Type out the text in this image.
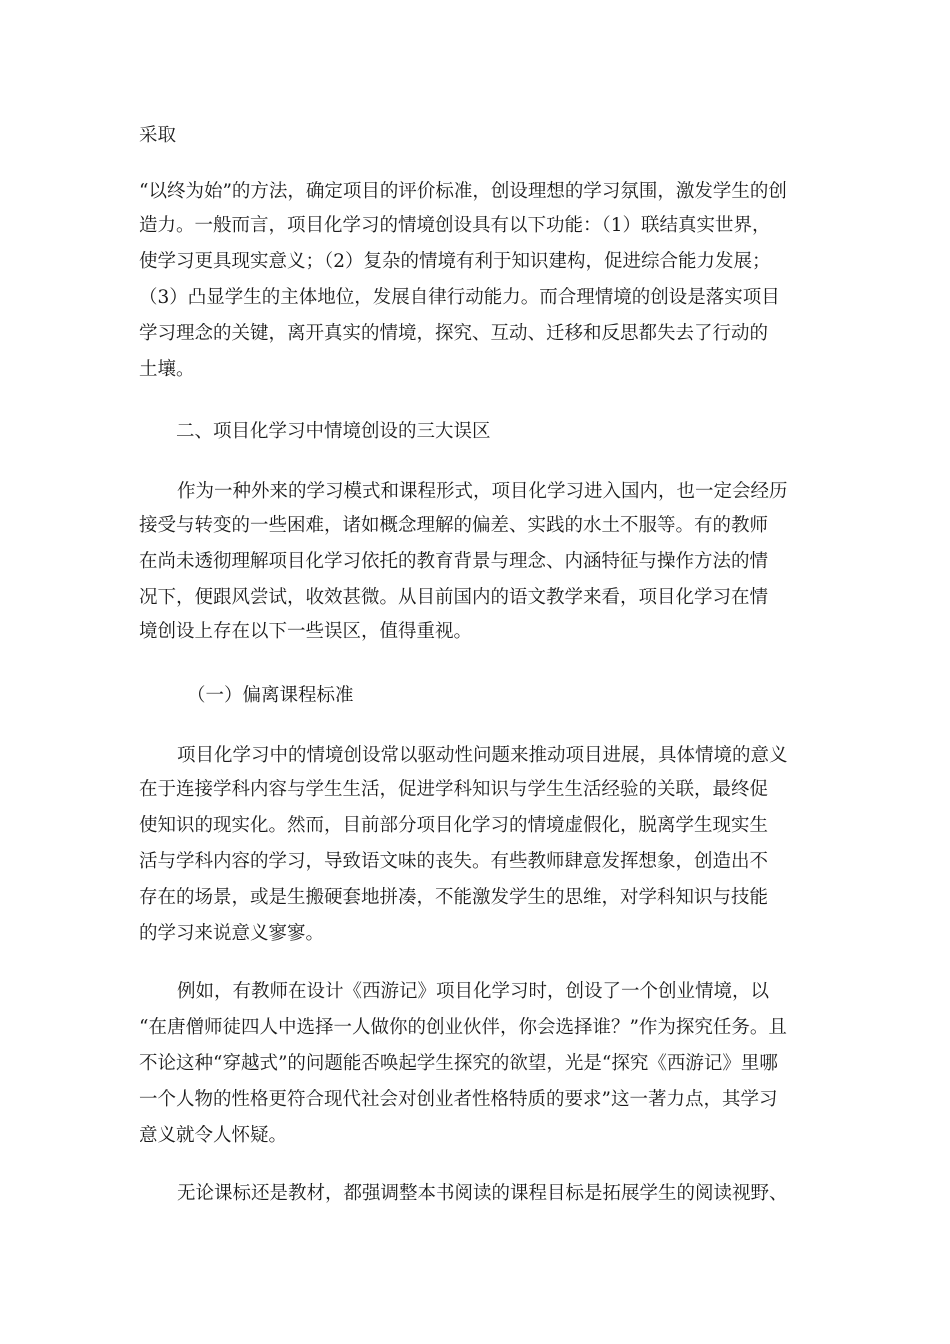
采取
“以终为始”的方法，确定项目的评价标准，创设理想的学习氛围，激发学生的创
造力。一般而言，项目化学习的情境创设具有以下功能：（1）联结真实世界，
使学习更具现实意义；（2）复杂的情境有利于知识建构，促进综合能力发展；
（3）凸显学生的主体地位，发展自律行动能力。而合理情境的创设是落实项目
学习理念的关键，离开真实的情境，探究、互动、迁移和反思都失去了行动的
土壤。
二、项目化学习中情境创设的三大误区
作为一种外来的学习模式和课程形式，项目化学习进入国内，也一定会经历
接受与转变的一些困难，诸如概念理解的偏差、实践的水土不服等。有的教师
在尚未透彻理解项目化学习依托的教育背景与理念、内涵特征与操作方法的情
况下，便跟风尝试，收效甚微。从目前国内的语文教学来看，项目化学习在情
境创设上存在以下一些误区，值得重视。
（一）偏离课程标准
项目化学习中的情境创设常以驱动性问题来推动项目进展，具体情境的意义
在于连接学科内容与学生生活，促进学科知识与学生生活经验的关联，最终促
使知识的现实化。然而，目前部分项目化学习的情境虚假化，脱离学生现实生
活与学科内容的学习，导致语文味的丧失。有些教师肆意发挥想象，创造出不
存在的场景，或是生搬硬套地拼凑，不能激发学生的思维，对学科知识与技能
的学习来说意义寥寥。
例如，有教师在设计《西游记》项目化学习时，创设了一个创业情境，以
“在唐僧师徒四人中选择一人做你的创业伙伴，你会选择谁？”作为探究任务。且
不论这种“穿越式”的问题能否唤起学生探究的欲望，光是“探究《西游记》里哪
一个人物的性格更符合现代社会对创业者性格特质的要求”这一著力点，其学习
意义就令人怀疑。
无论课标还是教材，都强调整本书阅读的课程目标是拓展学生的阅读视野、
